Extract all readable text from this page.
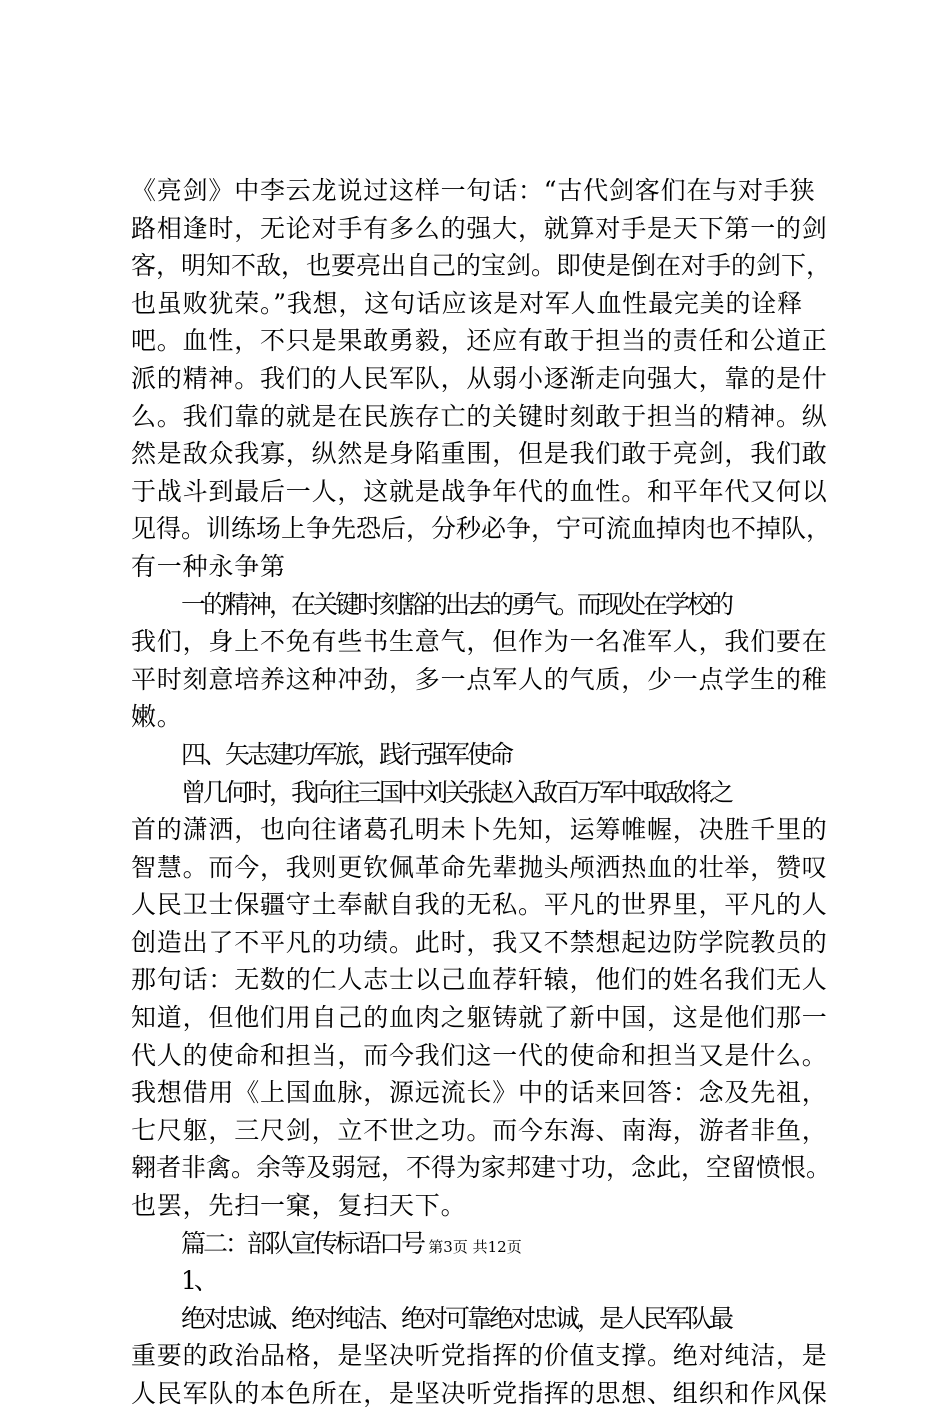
《亮剑》中李云龙说过这样一句话：“古代剑客们在与对手狭
路相逢时，无论对手有多么的强大，就算对手是天下第一的剑
客，明知不敌，也要亮出自己的宝剑。即使是倒在对手的剑下，
也虽败犹荣。”我想，这句话应该是对军人血性最完美的诠释
吧。血性，不只是果敢勇毅，还应有敢于担当的责任和公道正
派的精神。我们的人民军队，从弱小逐渐走向强大，靠的是什
么。我们靠的就是在民族存亡的关键时刻敢于担当的精神。纵
然是敌众我寡，纵然是身陷重围，但是我们敢于亮剑，我们敢
于战斗到最后一人，这就是战争年代的血性。和平年代又何以
见得。训练场上争先恐后，分秒必争，宁可流血掉肉也不掉队，
有一种永争第
一的精神，在关键时刻豁的出去的勇气。而现处在学校的
我们，身上不免有些书生意气，但作为一名准军人，我们要在
平时刻意培养这种冲劲，多一点军人的气质，少一点学生的稚
嫩。
四、矢志建功军旅，践行强军使命
曾几何时，我向往三国中刘关张赵入敌百万军中取敌将之
首的潇洒，也向往诸葛孔明未卜先知，运筹帷幄，决胜千里的
智慧。而今，我则更钦佩革命先辈抛头颅洒热血的壮举，赞叹
人民卫士保疆守土奉献自我的无私。平凡的世界里，平凡的人
创造出了不平凡的功绩。此时，我又不禁想起边防学院教员的
那句话：无数的仁人志士以己血荐轩辕，他们的姓名我们无人
知道，但他们用自己的血肉之躯铸就了新中国，这是他们那一
代人的使命和担当，而今我们这一代的使命和担当又是什么。
我想借用《上国血脉，源远流长》中的话来回答：念及先祖，
七尺躯，三尺剑，立不世之功。而今东海、南海，游者非鱼，
翱者非禽。余等及弱冠，不得为家邦建寸功，念此，空留愤恨。
也罢，先扫一窠，复扫天下。
篇二：部队宣传标语口号
1、
绝对忠诚、绝对纯洁、绝对可靠绝对忠诚，是人民军队最
重要的政治品格，是坚决听党指挥的价值支撑。绝对纯洁，是
人民军队的本色所在，是坚决听党指挥的思想、组织和作风保
第3页 共12页
